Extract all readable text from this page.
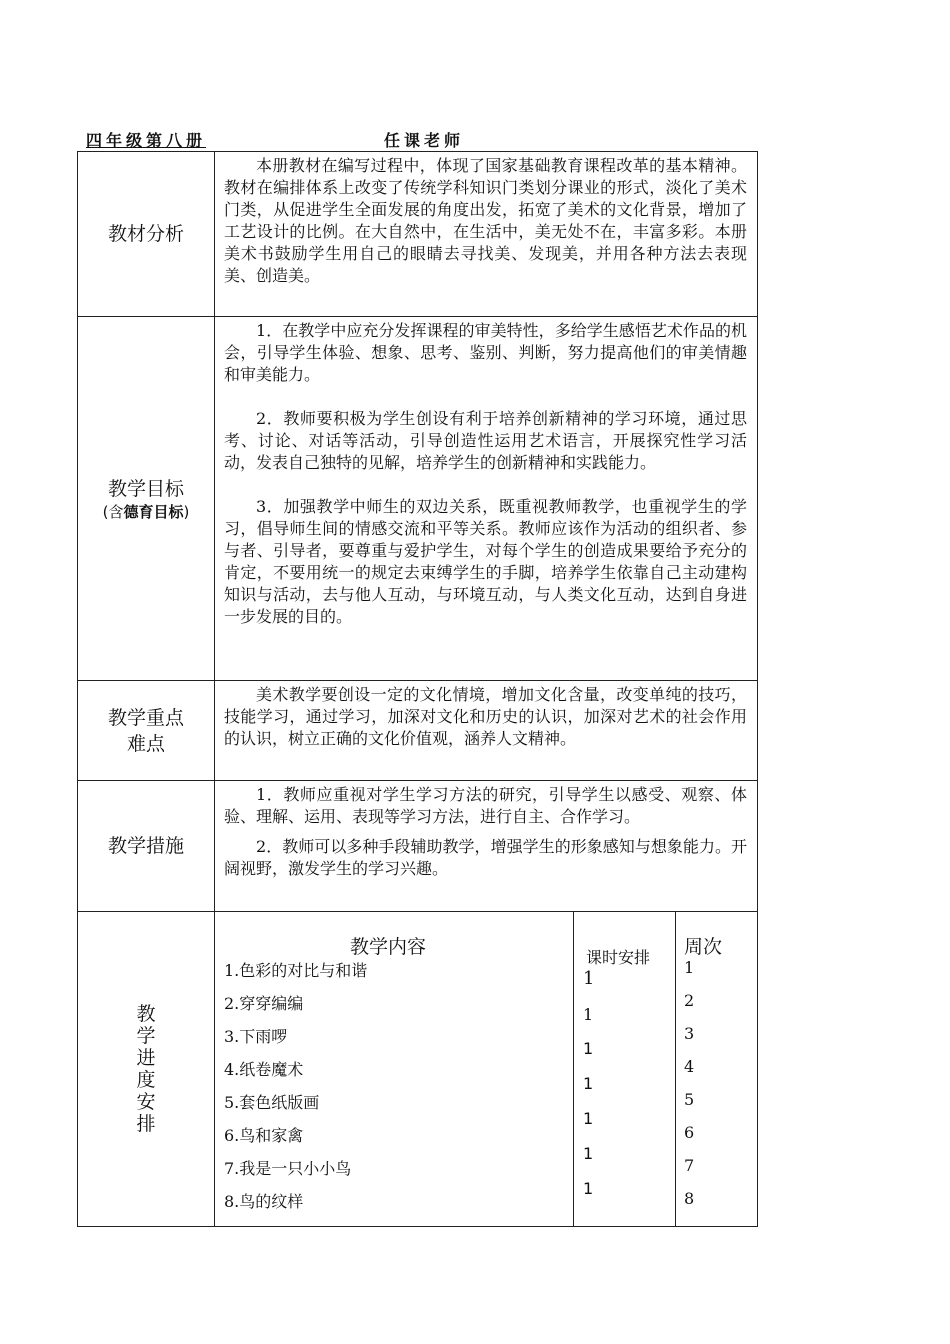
四年级第八册	任课老师
教材分析

本册教材在编写过程中，体现了国家基础教育课程改革的基本精神。教材在编排体系上改变了传统学科知识门类划分课业的形式，淡化了美术门类，从促进学生全面发展的角度出发，拓宽了美术的文化背景，增加了工艺设计的比例。在大自然中，在生活中，美无处不在，丰富多彩。本册美术书鼓励学生用自己的眼睛去寻找美、发现美，并用各种方法去表现美、创造美。

教学目标
(含德育目标)

1．在教学中应充分发挥课程的审美特性，多给学生感悟艺术作品的机会，引导学生体验、想象、思考、鉴别、判断，努力提高他们的审美情趣和审美能力。

2．教师要积极为学生创设有利于培养创新精神的学习环境，通过思考、讨论、对话等活动，引导创造性运用艺术语言，开展探究性学习活动，发表自己独特的见解，培养学生的创新精神和实践能力。

3．加强教学中师生的双边关系，既重视教师教学，也重视学生的学习，倡导师生间的情感交流和平等关系。教师应该作为活动的组织者、参与者、引导者，要尊重与爱护学生，对每个学生的创造成果要给予充分的肯定，不要用统一的规定去束缚学生的手脚，培养学生依靠自己主动建构知识与活动，去与他人互动，与环境互动，与人类文化互动，达到自身进一步发展的目的。

教学重点
难点

美术教学要创设一定的文化情境，增加文化含量，改变单纯的技巧，技能学习，通过学习，加深对文化和历史的认识，加深对艺术的社会作用的认识，树立正确的文化价值观，涵养人文精神。

教学措施

1．教师应重视对学生学习方法的研究，引导学生以感受、观察、体验、理解、运用、表现等学习方法，进行自主、合作学习。

2．教师可以多种手段辅助教学，增强学生的形象感知与想象能力。开阔视野，激发学生的学习兴趣。

教
学
进
度
安
排
教学内容	课时安排 周次
1.色彩的对比与和谐
2.穿穿编编
3.下雨啰
4.纸卷魔术
5.套色纸版画
6.鸟和家禽
7.我是一只小小鸟
8.鸟的纹样
1
1
1
1
1
1
1
1
2
3
4
5
6
7
8
